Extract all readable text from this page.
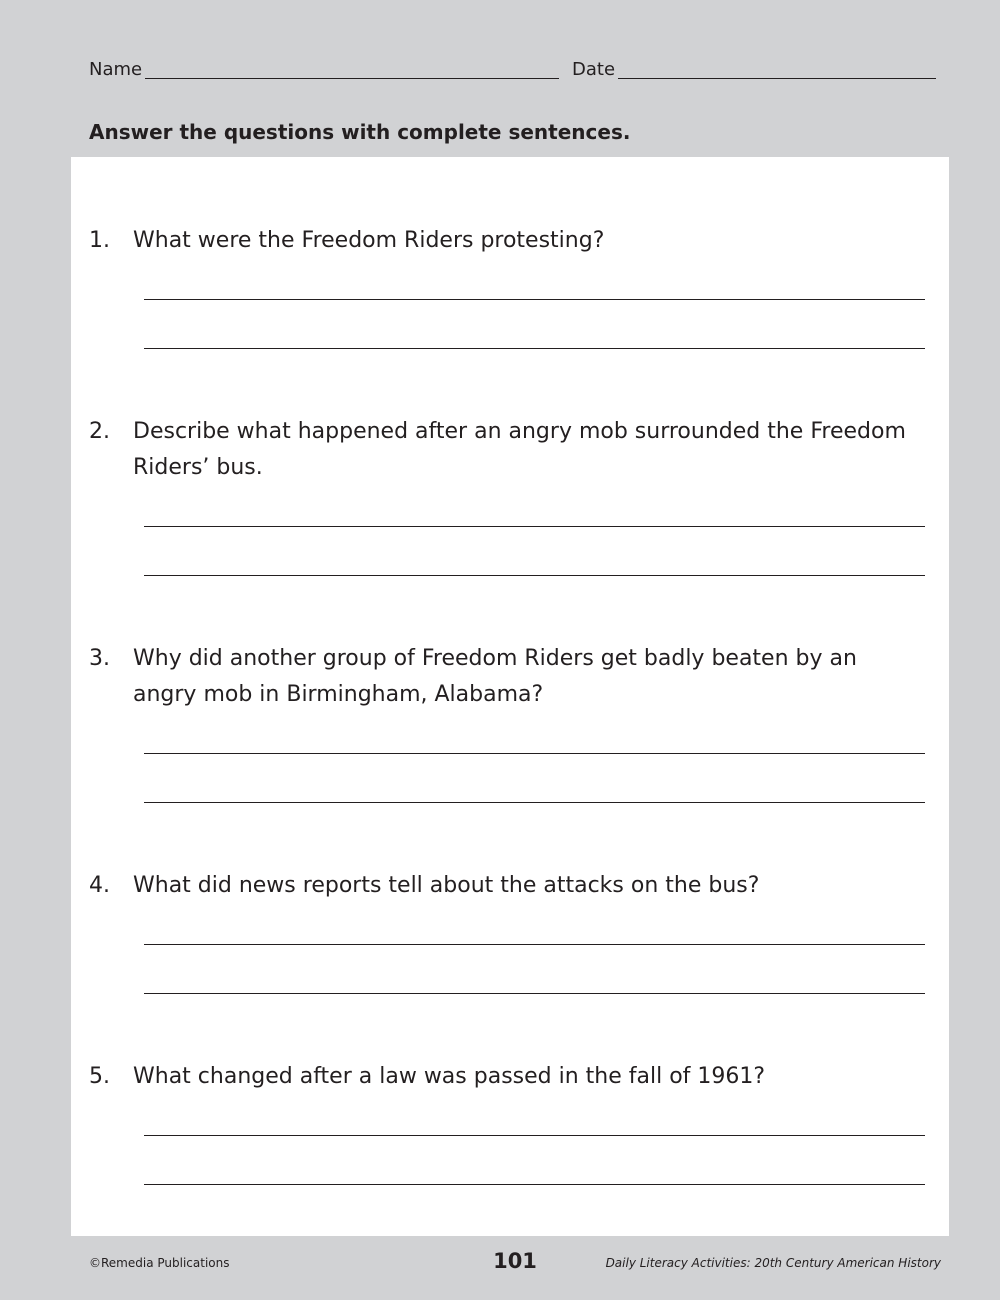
Name	Date

Answer the questions with complete sentences.

1. What were the Freedom Riders protesting?

2. Describe what happened after an angry mob surrounded the Freedom Riders’ bus.

3. Why did another group of Freedom Riders get badly beaten by an angry mob in Birmingham, Alabama?

4. What did news reports tell about the attacks on the bus?

5. What changed after a law was passed in the fall of 1961?

©Remedia Publications	101	Daily Literacy Activities: 20th Century American History
